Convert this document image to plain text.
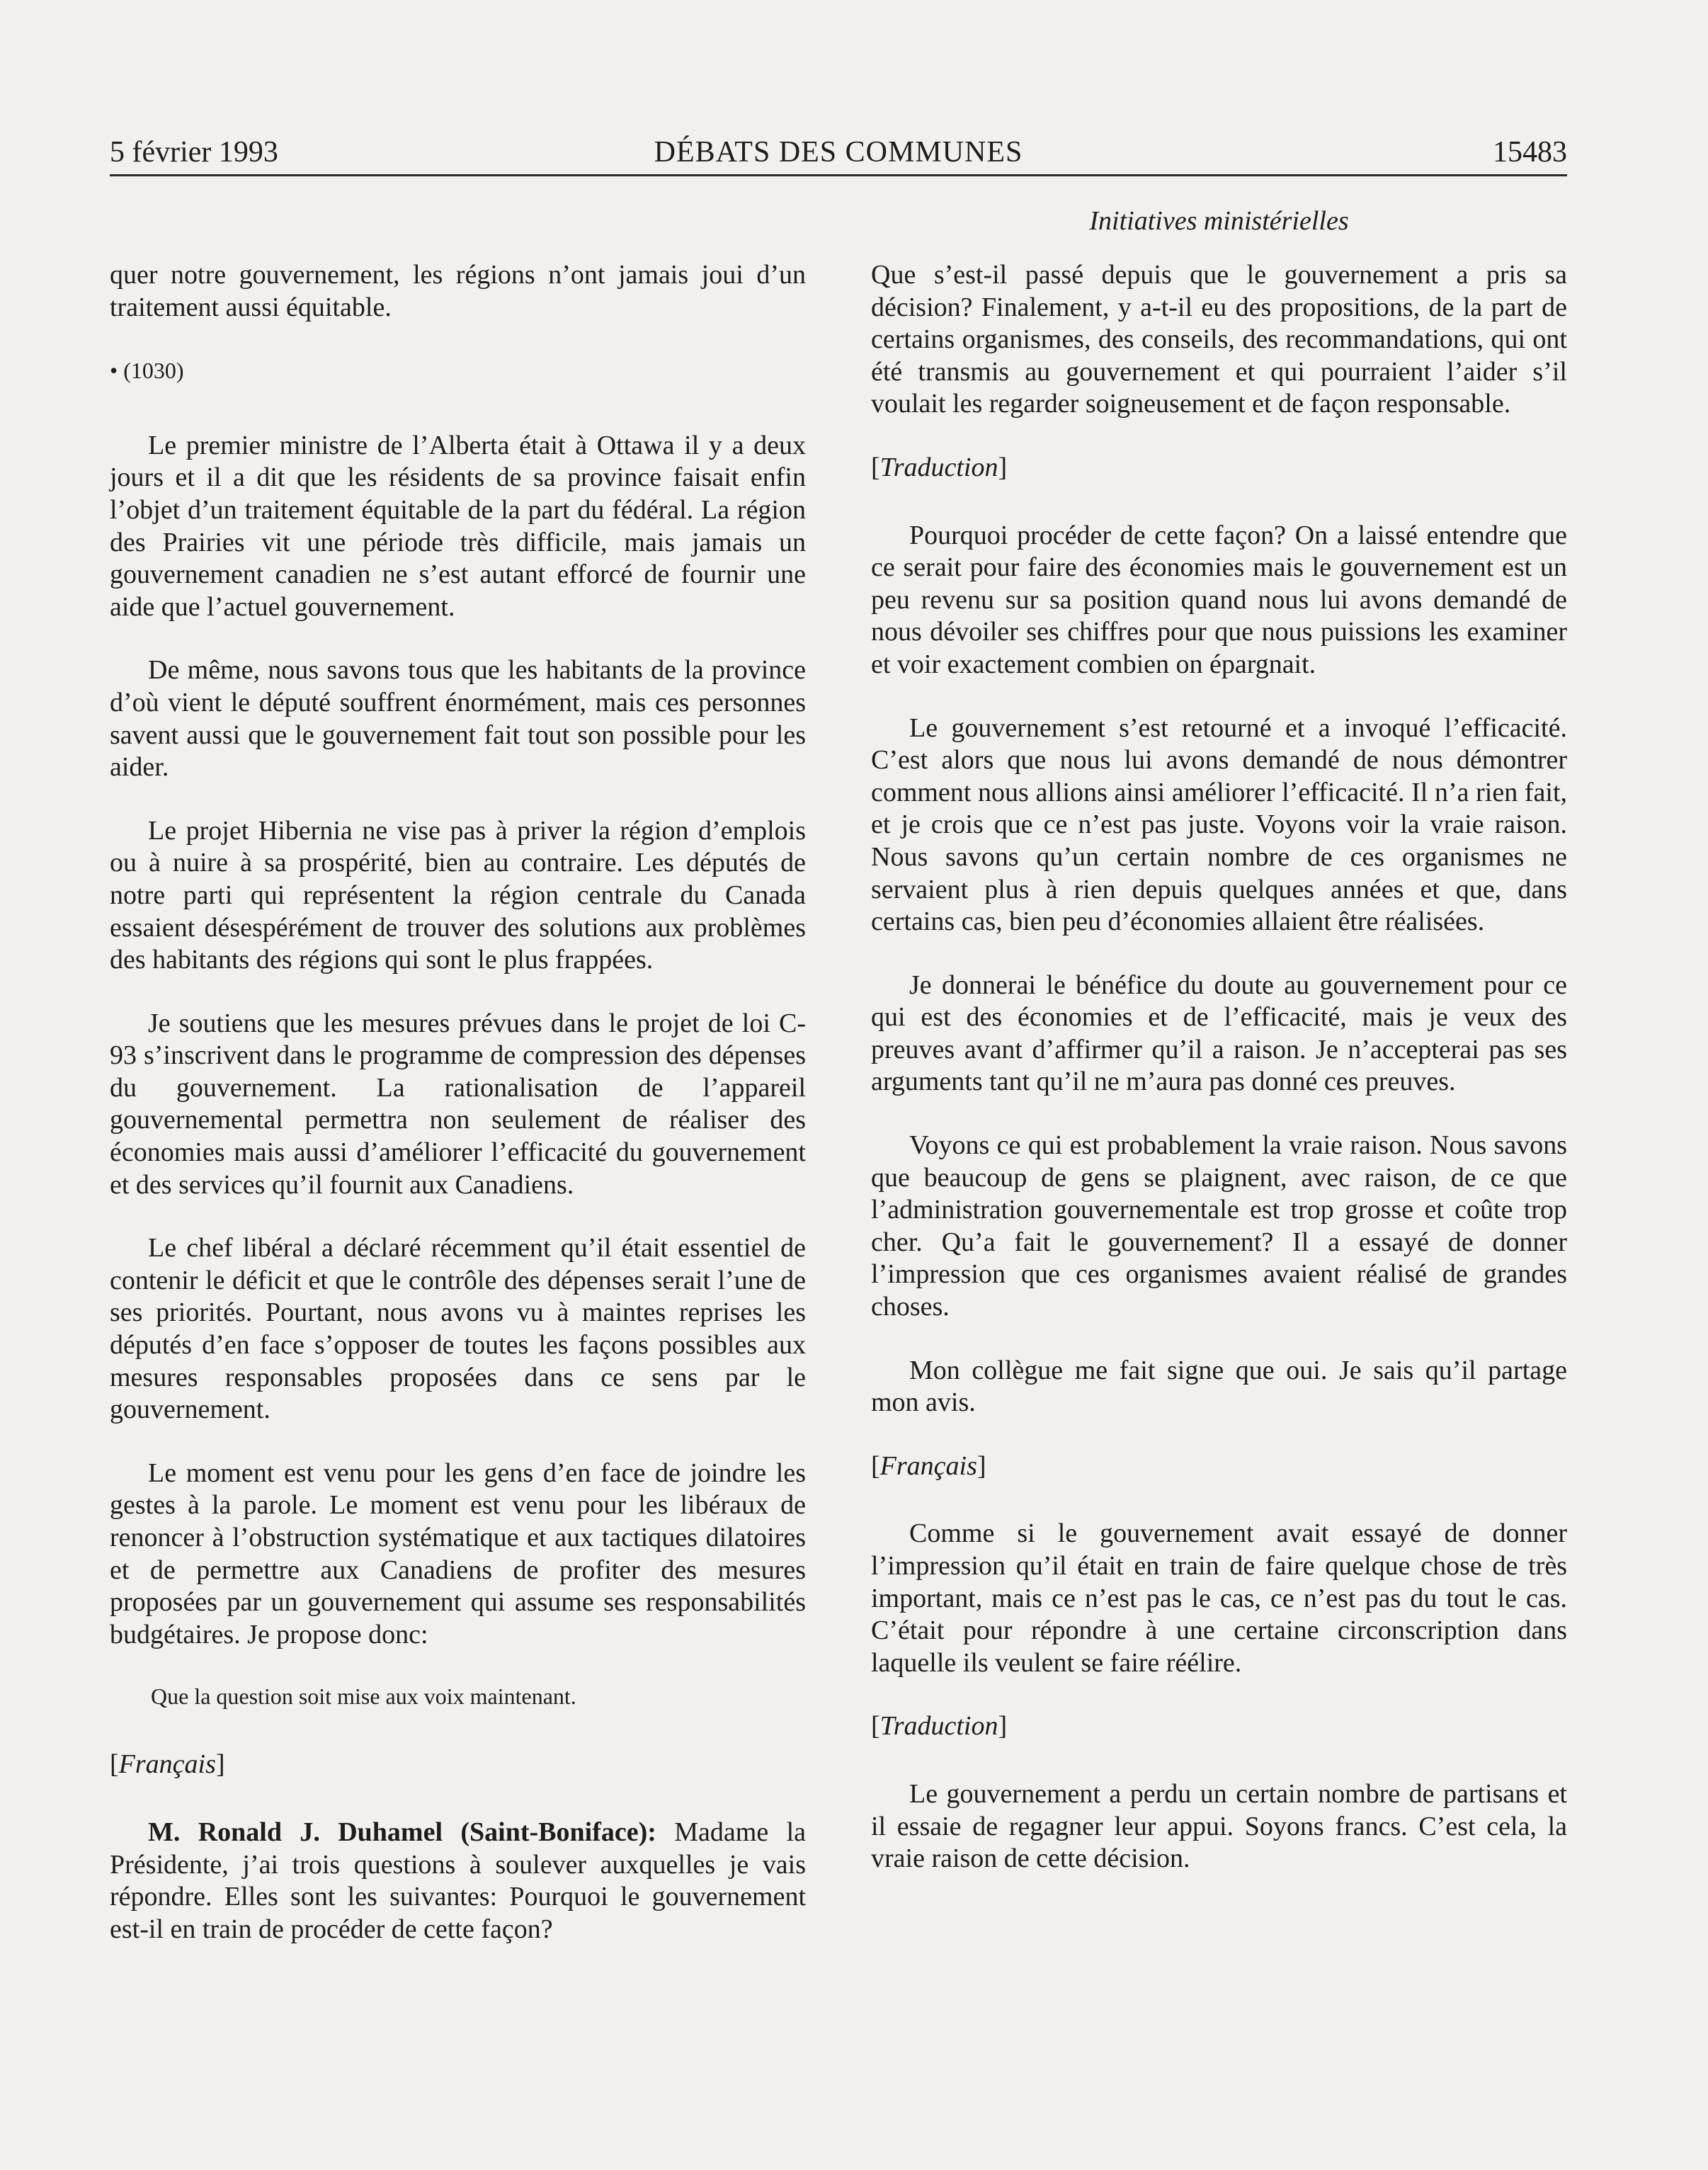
5 février 1993	DÉBATS DES COMMUNES	15483
Initiatives ministérielles

quer notre gouvernement, les régions n’ont jamais joui d’un traitement aussi équitable.

• (1030)

Le premier ministre de l’Alberta était à Ottawa il y a deux jours et il a dit que les résidents de sa province faisait enfin l’objet d’un traitement équitable de la part du fédéral. La région des Prairies vit une période très difficile, mais jamais un gouvernement canadien ne s’est autant efforcé de fournir une aide que l’actuel gouvernement.

De même, nous savons tous que les habitants de la province d’où vient le député souffrent énormément, mais ces personnes savent aussi que le gouvernement fait tout son possible pour les aider.

Le projet Hibernia ne vise pas à priver la région d’emplois ou à nuire à sa prospérité, bien au contraire. Les députés de notre parti qui représentent la région centrale du Canada essaient désespérément de trouver des solutions aux problèmes des habitants des régions qui sont le plus frappées.

Je soutiens que les mesures prévues dans le projet de loi C-93 s’inscrivent dans le programme de compression des dépenses du gouvernement. La rationalisation de l’appareil gouvernemental permettra non seulement de réaliser des économies mais aussi d’améliorer l’efficacité du gouvernement et des services qu’il fournit aux Canadiens.

Le chef libéral a déclaré récemment qu’il était essentiel de contenir le déficit et que le contrôle des dépenses serait l’une de ses priorités. Pourtant, nous avons vu à maintes reprises les députés d’en face s’opposer de toutes les façons possibles aux mesures responsables proposées dans ce sens par le gouvernement.

Le moment est venu pour les gens d’en face de joindre les gestes à la parole. Le moment est venu pour les libéraux de renoncer à l’obstruction systématique et aux tactiques dilatoires et de permettre aux Canadiens de profiter des mesures proposées par un gouvernement qui assume ses responsabilités budgétaires. Je propose donc:

Que la question soit mise aux voix maintenant.
[Français]

M. Ronald J. Duhamel (Saint-Boniface): Madame la Présidente, j’ai trois questions à soulever auxquelles je vais répondre. Elles sont les suivantes: Pourquoi le gouvernement est-il en train de procéder de cette façon?

Que s’est-il passé depuis que le gouvernement a pris sa décision? Finalement, y a-t-il eu des propositions, de la part de certains organismes, des conseils, des recommandations, qui ont été transmis au gouvernement et qui pourraient l’aider s’il voulait les regarder soigneusement et de façon responsable.

[Traduction]

Pourquoi procéder de cette façon? On a laissé entendre que ce serait pour faire des économies mais le gouvernement est un peu revenu sur sa position quand nous lui avons demandé de nous dévoiler ses chiffres pour que nous puissions les examiner et voir exactement combien on épargnait.

Le gouvernement s’est retourné et a invoqué l’efficacité. C’est alors que nous lui avons demandé de nous démontrer comment nous allions ainsi améliorer l’efficacité. Il n’a rien fait, et je crois que ce n’est pas juste. Voyons voir la vraie raison. Nous savons qu’un certain nombre de ces organismes ne servaient plus à rien depuis quelques années et que, dans certains cas, bien peu d’économies allaient être réalisées.

Je donnerai le bénéfice du doute au gouvernement pour ce qui est des économies et de l’efficacité, mais je veux des preuves avant d’affirmer qu’il a raison. Je n’accepterai pas ses arguments tant qu’il ne m’aura pas donné ces preuves.

Voyons ce qui est probablement la vraie raison. Nous savons que beaucoup de gens se plaignent, avec raison, de ce que l’administration gouvernementale est trop grosse et coûte trop cher. Qu’a fait le gouvernement? Il a essayé de donner l’impression que ces organismes avaient réalisé de grandes choses.

Mon collègue me fait signe que oui. Je sais qu’il partage mon avis.

[Français]

Comme si le gouvernement avait essayé de donner l’impression qu’il était en train de faire quelque chose de très important, mais ce n’est pas le cas, ce n’est pas du tout le cas. C’était pour répondre à une certaine circonscription dans laquelle ils veulent se faire réélire.

[Traduction]

Le gouvernement a perdu un certain nombre de partisans et il essaie de regagner leur appui. Soyons francs. C’est cela, la vraie raison de cette décision.
